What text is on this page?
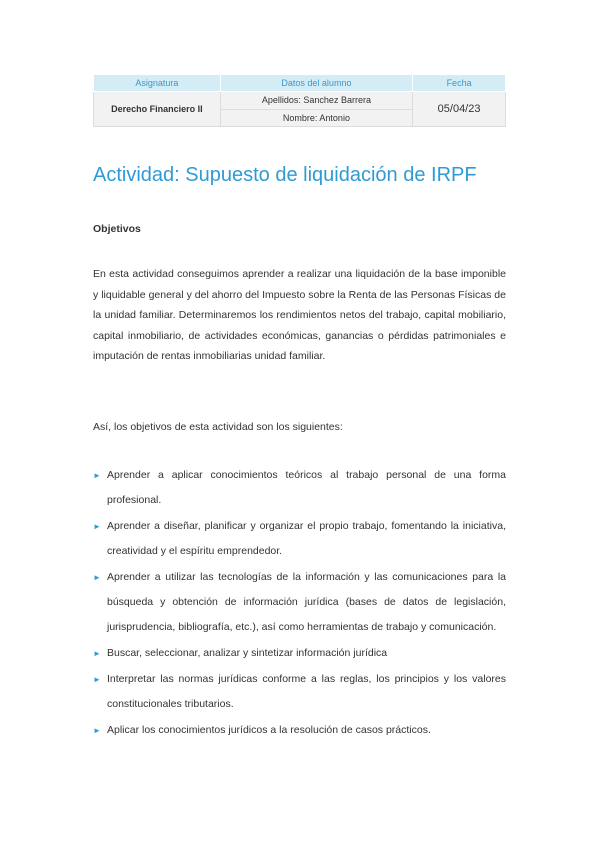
Asignatura	Datos del alumno	Fecha
Derecho Financiero II	Apellidos: Sanchez Barrera	05/04/23
	Nombre: Antonio	
Actividad: Supuesto de liquidación de IRPF
Objetivos

En esta actividad conseguimos aprender a realizar una liquidación de la base imponible y liquidable general y del ahorro del Impuesto sobre la Renta de las Personas Físicas de la unidad familiar. Determinaremos los rendimientos netos del trabajo, capital mobiliario, capital inmobiliario, de actividades económicas, ganancias o pérdidas patrimoniales e imputación de rentas inmobiliarias unidad familiar.

Así, los objetivos de esta actividad son los siguientes:

► Aprender a aplicar conocimientos teóricos al trabajo personal de una forma profesional.
► Aprender a diseñar, planificar y organizar el propio trabajo, fomentando la iniciativa, creatividad y el espíritu emprendedor.
► Aprender a utilizar las tecnologías de la información y las comunicaciones para la búsqueda y obtención de información jurídica (bases de datos de legislación, jurisprudencia, bibliografía, etc.), así como herramientas de trabajo y comunicación.
► Buscar, seleccionar, analizar y sintetizar información jurídica
► Interpretar las normas jurídicas conforme a las reglas, los principios y los valores constitucionales tributarios.
► Aplicar los conocimientos jurídicos a la resolución de casos prácticos.
